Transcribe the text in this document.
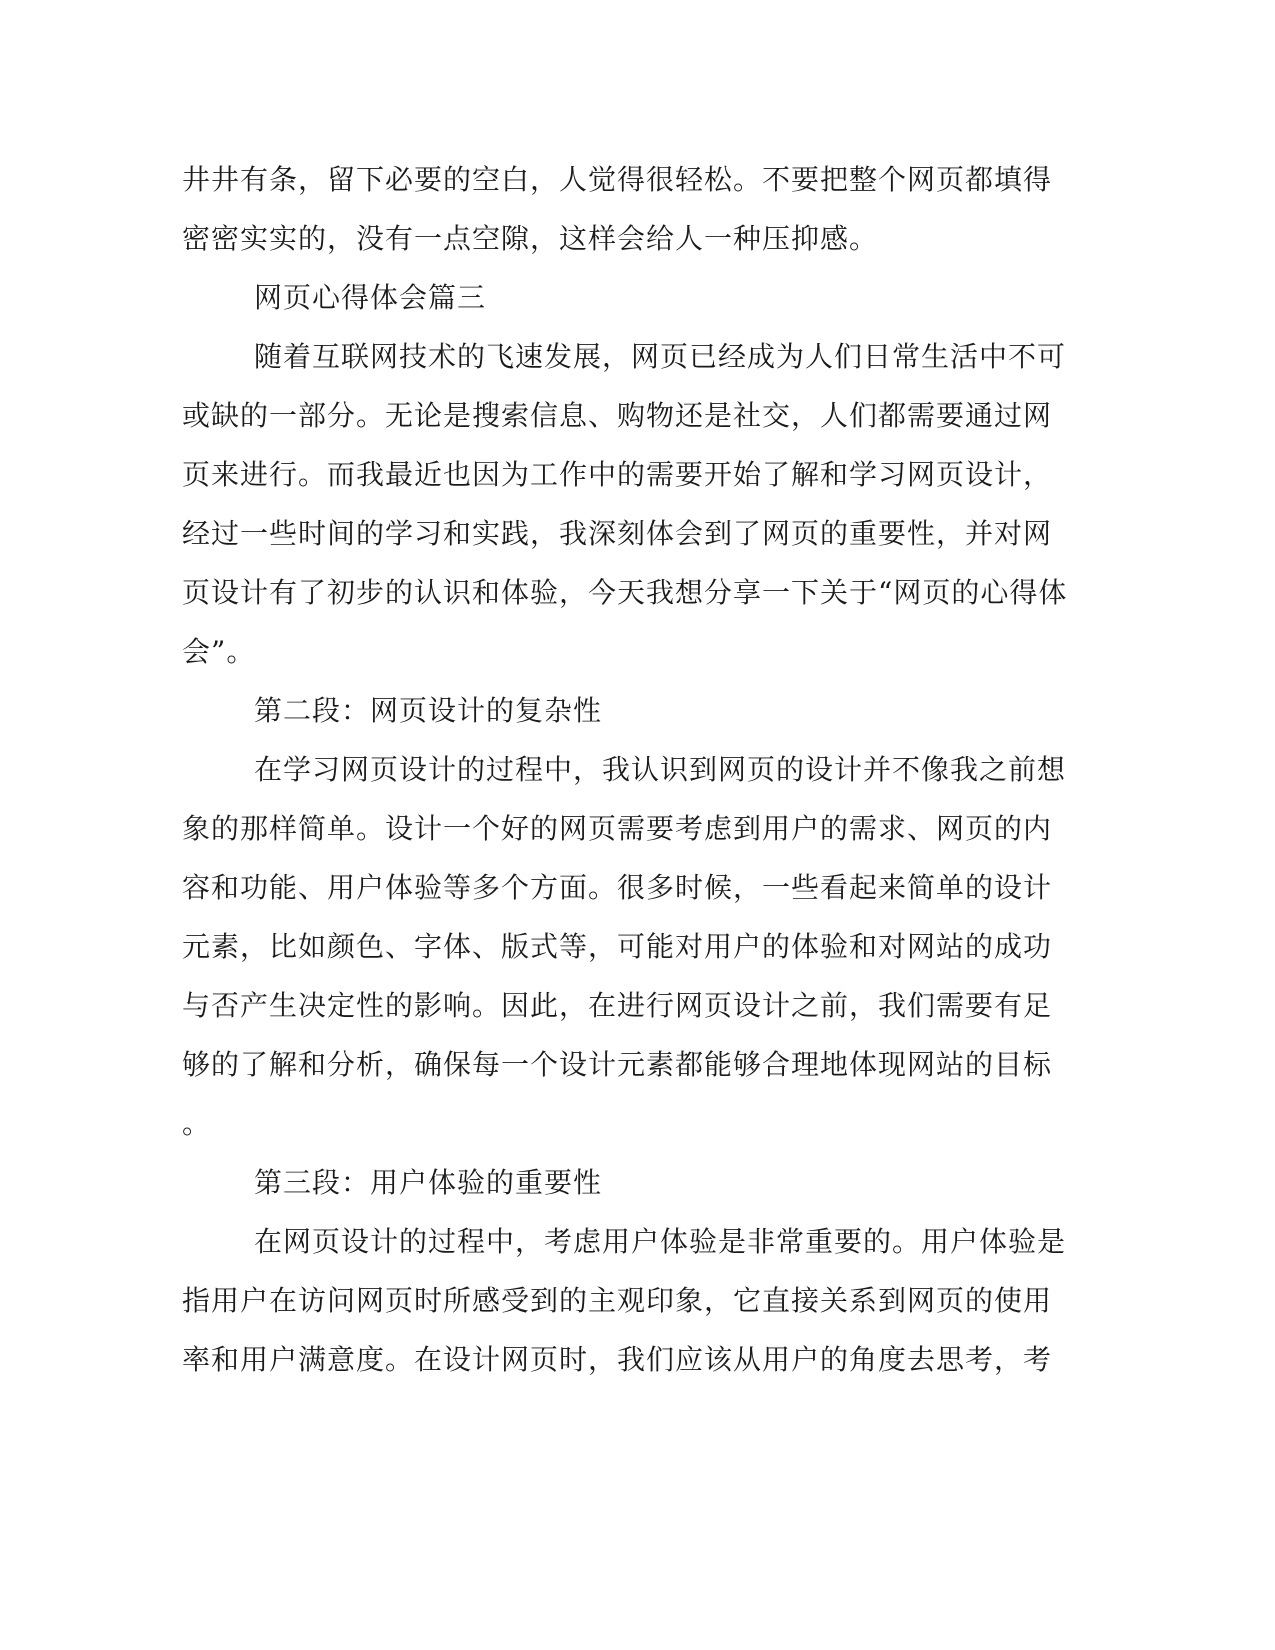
井井有条，留下必要的空白，人觉得很轻松。不要把整个网页都填得
密密实实的，没有一点空隙，这样会给人一种压抑感。
网页心得体会篇三
随着互联网技术的飞速发展，网页已经成为人们日常生活中不可
或缺的一部分。无论是搜索信息、购物还是社交，人们都需要通过网
页来进行。而我最近也因为工作中的需要开始了解和学习网页设计，
经过一些时间的学习和实践，我深刻体会到了网页的重要性，并对网
页设计有了初步的认识和体验，今天我想分享一下关于“网页的心得体
会”。
第二段：网页设计的复杂性
在学习网页设计的过程中，我认识到网页的设计并不像我之前想
象的那样简单。设计一个好的网页需要考虑到用户的需求、网页的内
容和功能、用户体验等多个方面。很多时候，一些看起来简单的设计
元素，比如颜色、字体、版式等，可能对用户的体验和对网站的成功
与否产生决定性的影响。因此，在进行网页设计之前，我们需要有足
够的了解和分析，确保每一个设计元素都能够合理地体现网站的目标
。
第三段：用户体验的重要性
在网页设计的过程中，考虑用户体验是非常重要的。用户体验是
指用户在访问网页时所感受到的主观印象，它直接关系到网页的使用
率和用户满意度。在设计网页时，我们应该从用户的角度去思考，考
